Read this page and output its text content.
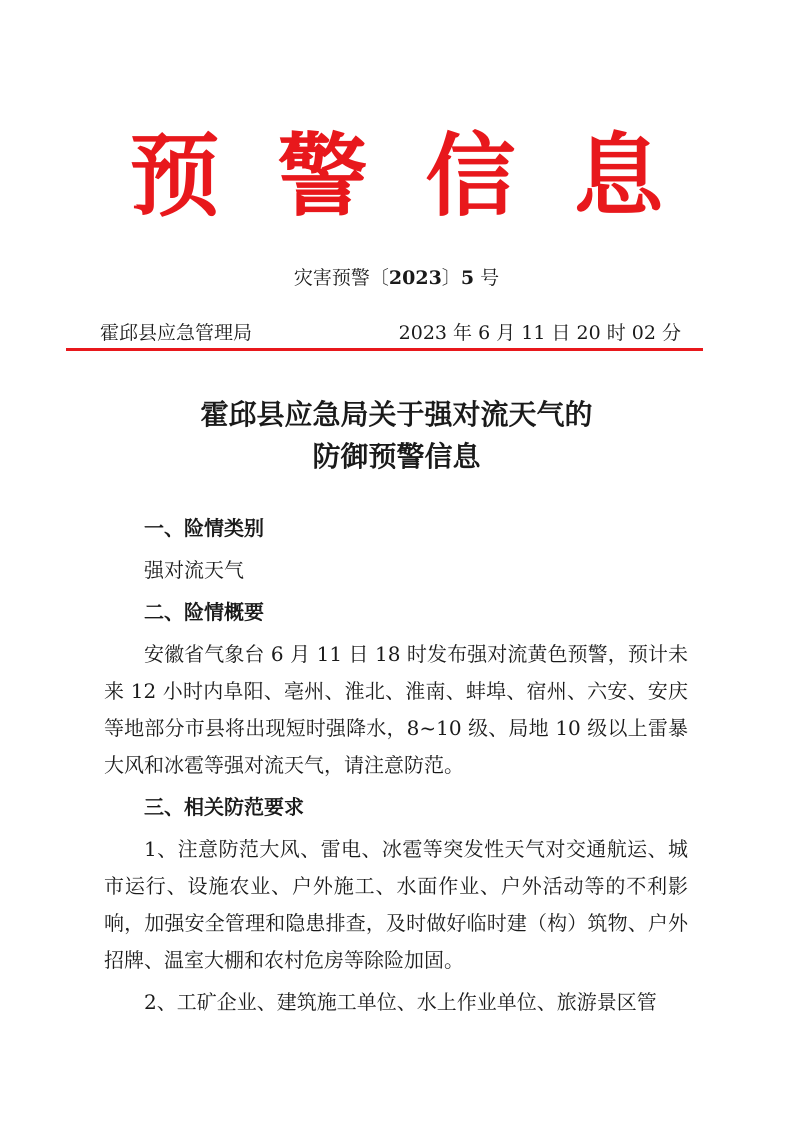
预警信息
灾害预警〔2023〕5 号
霍邱县应急管理局	2023 年 6 月 11 日 20 时 02 分
霍邱县应急局关于强对流天气的
防御预警信息
一、险情类别

强对流天气

二、险情概要

安徽省气象台 6 月 11 日 18 时发布强对流黄色预警，预计未来 12 小时内阜阳、亳州、淮北、淮南、蚌埠、宿州、六安、安庆等地部分市县将出现短时强降水，8~10 级、局地 10 级以上雷暴大风和冰雹等强对流天气，请注意防范。

三、相关防范要求

1、注意防范大风、雷电、冰雹等突发性天气对交通航运、城市运行、设施农业、户外施工、水面作业、户外活动等的不利影响，加强安全管理和隐患排查，及时做好临时建（构）筑物、户外招牌、温室大棚和农村危房等除险加固。

2、工矿企业、建筑施工单位、水上作业单位、旅游景区管
